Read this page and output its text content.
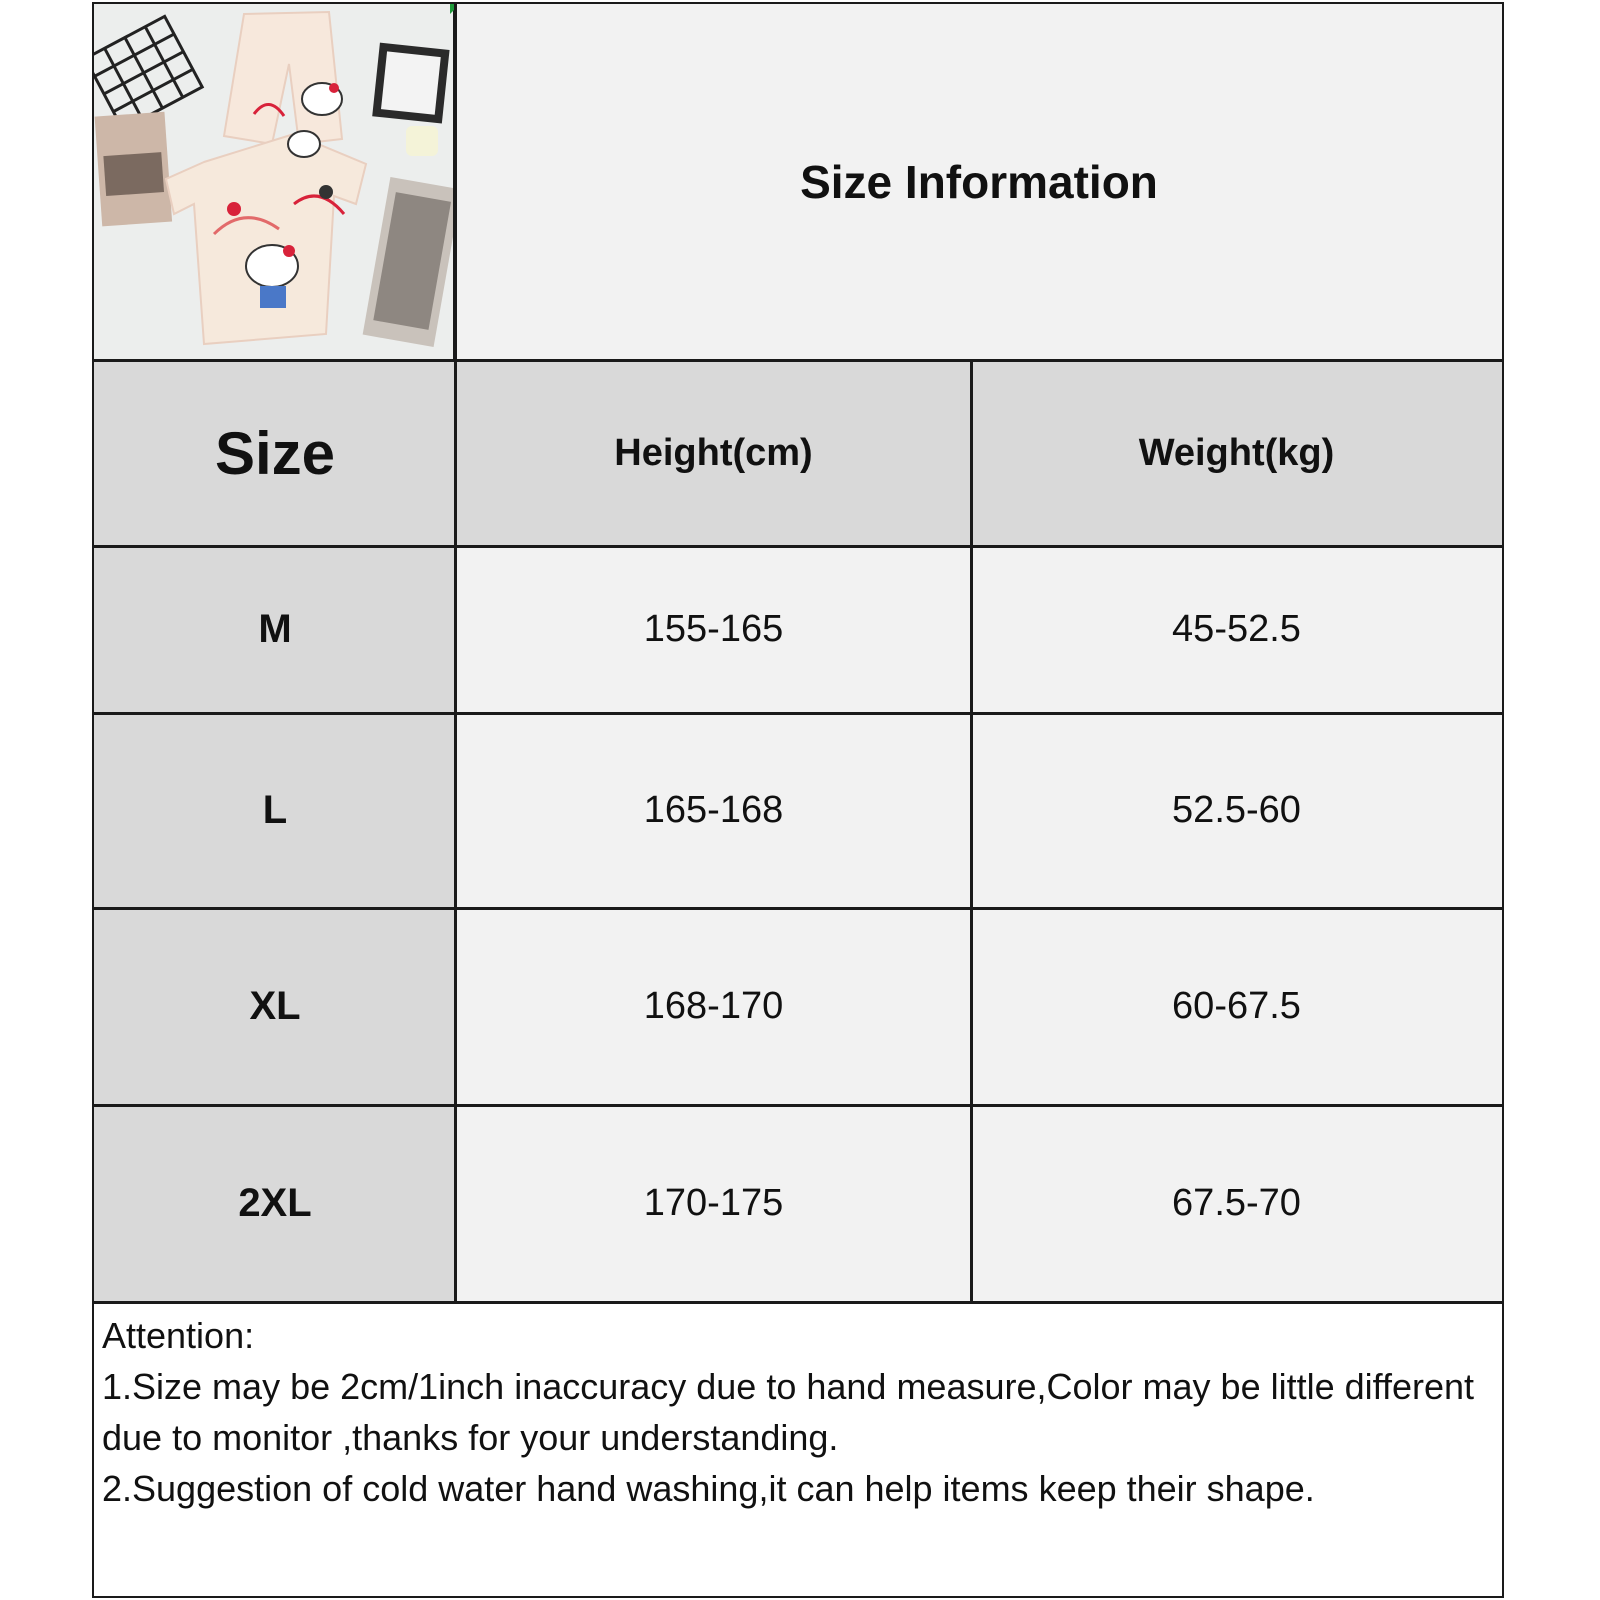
Size Information
Size	Height(cm)	Weight(kg)
M	155-165	45-52.5
L	165-168	52.5-60
XL	168-170	60-67.5
2XL	170-175	67.5-70
Attention:
1.Size may be 2cm/1inch inaccuracy due to hand measure,Color may be little different due to monitor ,thanks for your understanding.
2.Suggestion of cold water hand washing,it can help items keep their shape.
